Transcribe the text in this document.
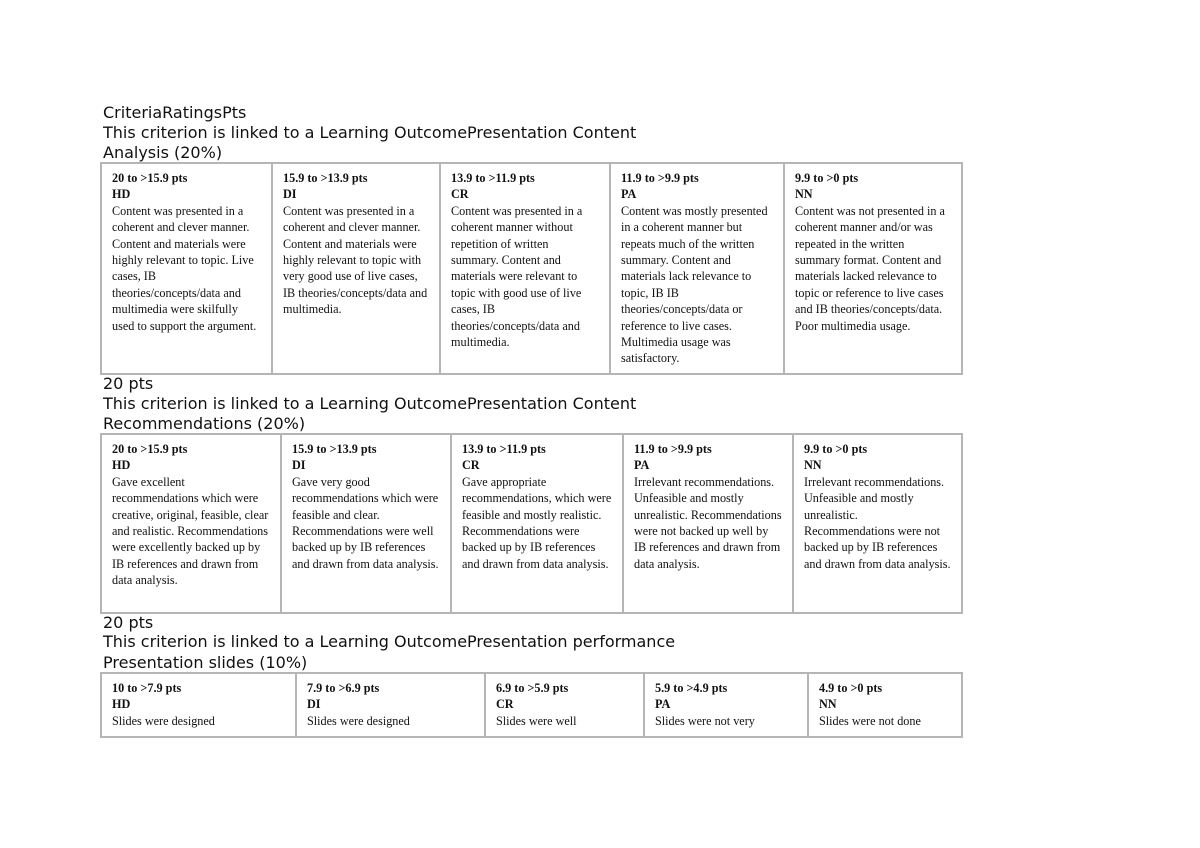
CriteriaRatingsPts
This criterion is linked to a Learning OutcomePresentation Content
Analysis (20%)
20 to >15.9 pts
HD
Content was presented in a coherent and clever manner. Content and materials were highly relevant to topic. Live cases, IB theories/concepts/data and multimedia were skilfully used to support the argument.

15.9 to >13.9 pts
DI
Content was presented in a coherent and clever manner. Content and materials were highly relevant to topic with very good use of live cases, IB theories/concepts/data and multimedia.

13.9 to >11.9 pts
CR
Content was presented in a coherent manner without repetition of written summary. Content and materials were relevant to topic with good use of live cases, IB theories/concepts/data and multimedia.

11.9 to >9.9 pts
PA
Content was mostly presented in a coherent manner but repeats much of the written summary. Content and materials lack relevance to topic, IB IB theories/concepts/data or reference to live cases. Multimedia usage was satisfactory.

9.9 to >0 pts
NN
Content was not presented in a coherent manner and/or was repeated in the written summary format. Content and materials lacked relevance to topic or reference to live cases and IB theories/concepts/data. Poor multimedia usage.
20 pts
This criterion is linked to a Learning OutcomePresentation Content
Recommendations (20%)
20 to >15.9 pts
HD
Gave excellent recommendations which were creative, original, feasible, clear and realistic. Recommendations were excellently backed up by IB references and drawn from data analysis.

15.9 to >13.9 pts
DI
Gave very good recommendations which were feasible and clear. Recommendations were well backed up by IB references and drawn from data analysis.

13.9 to >11.9 pts
CR
Gave appropriate recommendations, which were feasible and mostly realistic. Recommendations were backed up by IB references and drawn from data analysis.

11.9 to >9.9 pts
PA
Irrelevant recommendations. Unfeasible and mostly unrealistic. Recommendations were not backed up well by IB references and drawn from data analysis.

9.9 to >0 pts
NN
Irrelevant recommendations. Unfeasible and mostly unrealistic. Recommendations were not backed up by IB references and drawn from data analysis.
20 pts
This criterion is linked to a Learning OutcomePresentation performance
Presentation slides (10%)
10 to >7.9 pts
HD
Slides were designed

7.9 to >6.9 pts
DI
Slides were designed

6.9 to >5.9 pts
CR
Slides were well

5.9 to >4.9 pts
PA
Slides were not very

4.9 to >0 pts
NN
Slides were not done
